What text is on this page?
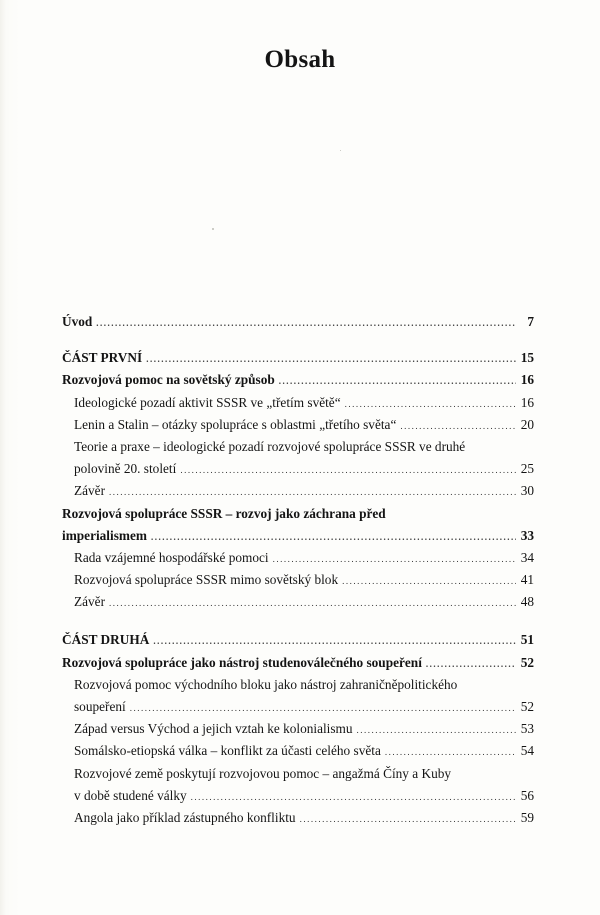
Obsah
Úvod .....	7
ČÁST PRVNÍ .....	15
Rozvojová pomoc na sovětský způsob .....	16
Ideologické pozadí aktivit SSSR ve „třetím světě“ .....	16
Lenin a Stalin – otázky spolupráce s oblastmi „třetího světa“ .....	20
Teorie a praxe – ideologické pozadí rozvojové spolupráce SSSR ve druhé
polovině 20. století .....	25
Závěr .....	30
Rozvojová spolupráce SSSR – rozvoj jako záchrana před
imperialismem .....	33
Rada vzájemné hospodářské pomoci .....	34
Rozvojová spolupráce SSSR mimo sovětský blok .....	41
Závěr .....	48
ČÁST DRUHÁ .....	51
Rozvojová spolupráce jako nástroj studenoválečného soupeření .....	52
Rozvojová pomoc východního bloku jako nástroj zahraničněpolitického
soupeření .....	52
Západ versus Východ a jejich vztah ke kolonialismu .....	53
Somálsko-etiopská válka – konflikt za účasti celého světa .....	54
Rozvojové země poskytují rozvojovou pomoc – angažmá Číny a Kuby
v době studené války .....	56
Angola jako příklad zástupného konfliktu .....	59
